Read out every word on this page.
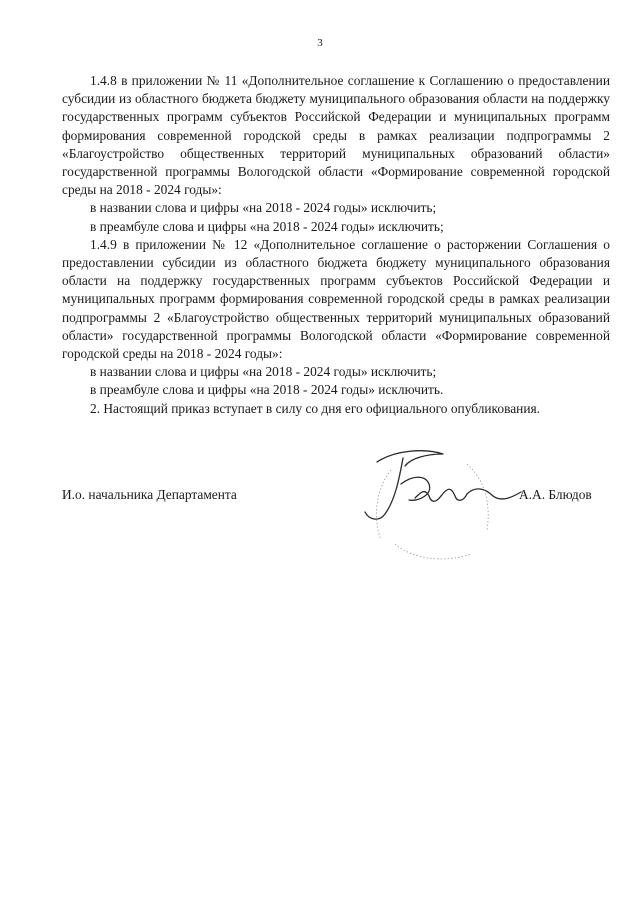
3

1.4.8 в приложении № 11 «Дополнительное соглашение к Соглашению о предоставлении субсидии из областного бюджета бюджету муниципального образования области на поддержку государственных программ субъектов Российской Федерации и муниципальных программ формирования современной городской среды в рамках реализации подпрограммы 2 «Благоустройство общественных территорий муниципальных образований области» государственной программы Вологодской области «Формирование современной городской среды на 2018 - 2024 годы»:

в названии слова и цифры «на 2018 - 2024 годы» исключить;

в преамбуле слова и цифры «на 2018 - 2024 годы» исключить;

1.4.9 в приложении № 12 «Дополнительное соглашение о расторжении Соглашения о предоставлении субсидии из областного бюджета бюджету муниципального образования области на поддержку государственных программ субъектов Российской Федерации и муниципальных программ формирования современной городской среды в рамках реализации подпрограммы 2 «Благоустройство общественных территорий муниципальных образований области» государственной программы Вологодской области «Формирование современной городской среды на 2018 - 2024 годы»:

в названии слова и цифры «на 2018 - 2024 годы» исключить;

в преамбуле слова и цифры «на 2018 - 2024 годы» исключить.

2. Настоящий приказ вступает в силу со дня его официального опубликования.

И.о. начальника Департамента	А.А. Блюдов
